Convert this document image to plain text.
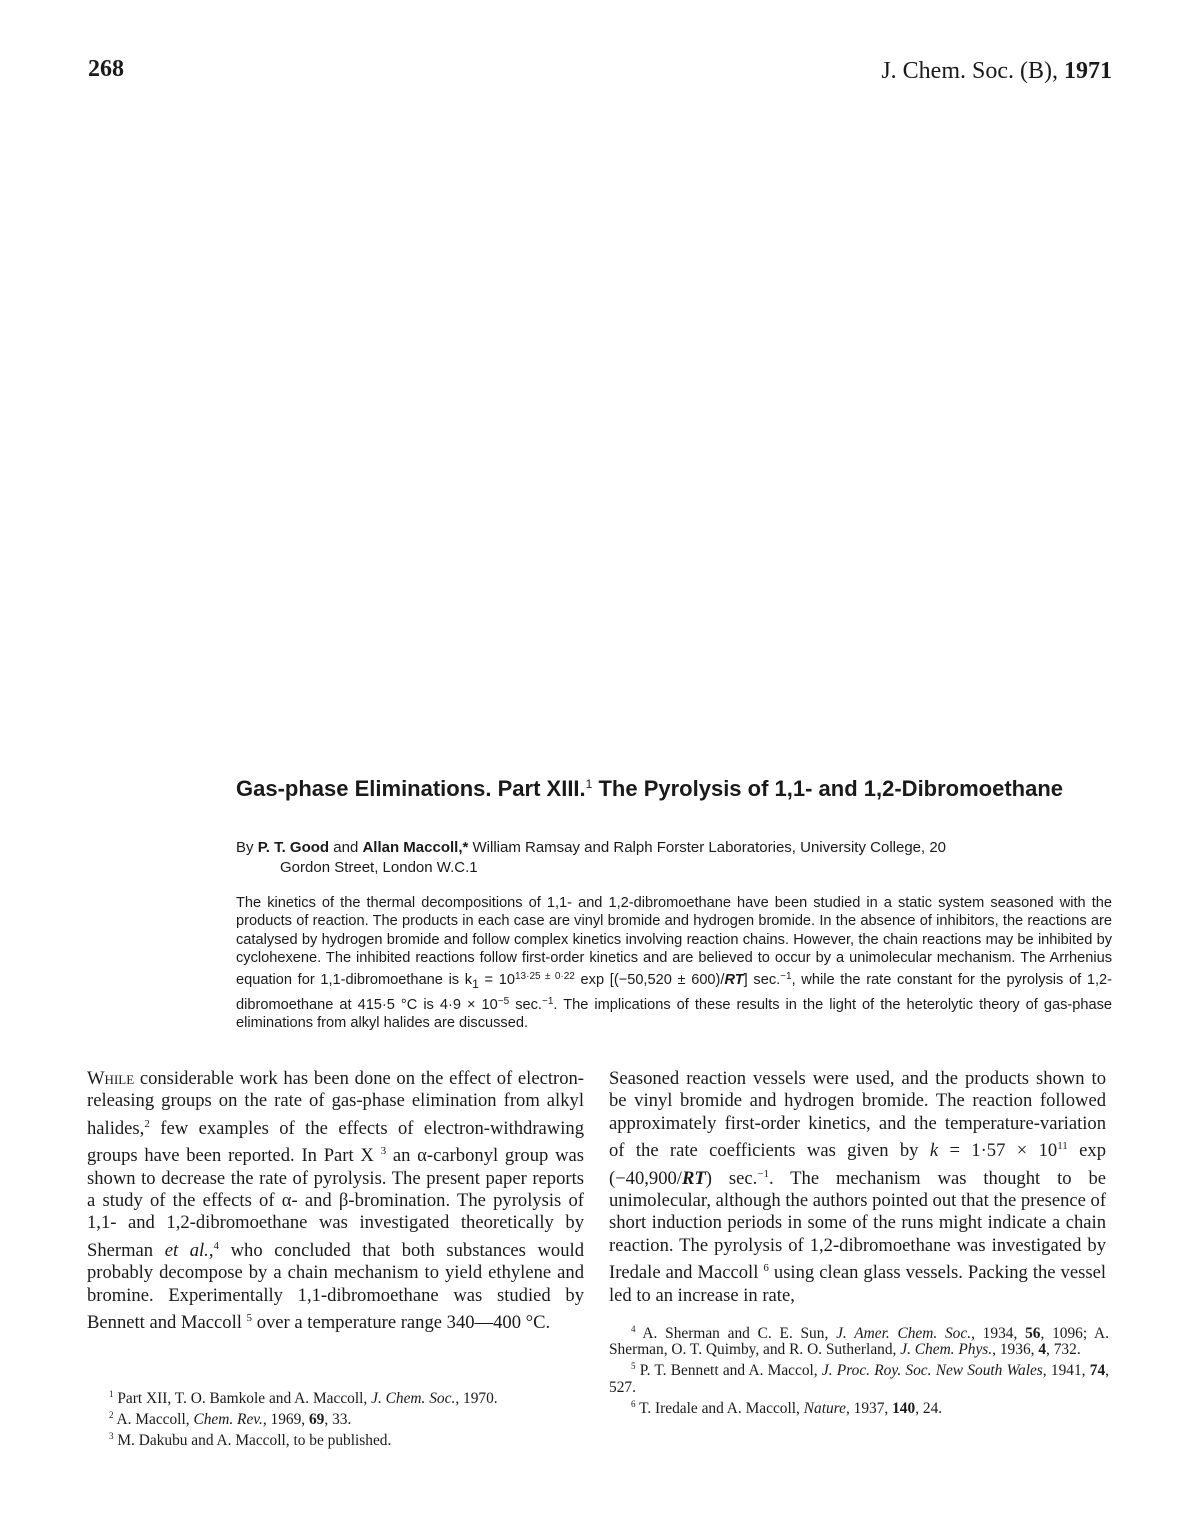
268	J. Chem. Soc. (B), 1971
Gas-phase Eliminations. Part XIII.$^1$ The Pyrolysis of 1,1- and 1,2-Dibromoethane
By P. T. Good and Allan Maccoll,* William Ramsay and Ralph Forster Laboratories, University College, 20
Gordon Street, London W.C.1

The kinetics of the thermal decompositions of 1,1- and 1,2-dibromoethane have been studied in a static system seasoned with the products of reaction. The products in each case are vinyl bromide and hydrogen bromide. In the absence of inhibitors, the reactions are catalysed by hydrogen bromide and follow complex kinetics involving reaction chains. However, the chain reactions may be inhibited by cyclohexene. The inhibited reactions follow first-order kinetics and are believed to occur by a unimolecular mechanism. The Arrhenius equation for 1,1-dibromoethane is $k_1 = 10^{13\cdot 25 \pm 0\cdot 22}$ exp [(−50,520 ± 600)/RT] sec.$^{-1}$, while the rate constant for the pyrolysis of 1,2-dibromoethane at 415·5 °C is $4\cdot 9 \times 10^{-5}$ sec.$^{-1}$. The implications of these results in the light of the heterolytic theory of gas-phase eliminations from alkyl halides are discussed.

While considerable work has been done on the effect of electron-releasing groups on the rate of gas-phase elimination from alkyl halides,$^2$ few examples of the effects of electron-withdrawing groups have been reported. In Part X $^3$ an α-carbonyl group was shown to decrease the rate of pyrolysis. The present paper reports a study of the effects of α- and β-bromination. The pyrolysis of 1,1- and 1,2-dibromoethane was investigated theoretically by Sherman et al.,$^4$ who concluded that both substances would probably decompose by a chain mechanism to yield ethylene and bromine. Experimentally 1,1-dibromoethane was studied by Bennett and Maccoll $^5$ over a temperature range 340—400 °C.

Seasoned reaction vessels were used, and the products shown to be vinyl bromide and hydrogen bromide. The reaction followed approximately first-order kinetics, and the temperature-variation of the rate coefficients was given by $k = 1\cdot 57 \times 10^{11}$ exp (−40,900/RT) sec.$^{-1}$. The mechanism was thought to be unimolecular, although the authors pointed out that the presence of short induction periods in some of the runs might indicate a chain reaction. The pyrolysis of 1,2-dibromoethane was investigated by Iredale and Maccoll $^6$ using clean glass vessels. Packing the vessel led to an increase in rate,

$^1$ Part XII, T. O. Bamkole and A. Maccoll, J. Chem. Soc., 1970.

$^2$ A. Maccoll, Chem. Rev., 1969, 69, 33.

$^3$ M. Dakubu and A. Maccoll, to be published.

$^4$ A. Sherman and C. E. Sun, J. Amer. Chem. Soc., 1934, 56, 1096; A. Sherman, O. T. Quimby, and R. O. Sutherland, J. Chem. Phys., 1936, 4, 732.

$^5$ P. T. Bennett and A. Maccol, J. Proc. Roy. Soc. New South Wales, 1941, 74, 527.

$^6$ T. Iredale and A. Maccoll, Nature, 1937, 140, 24.
